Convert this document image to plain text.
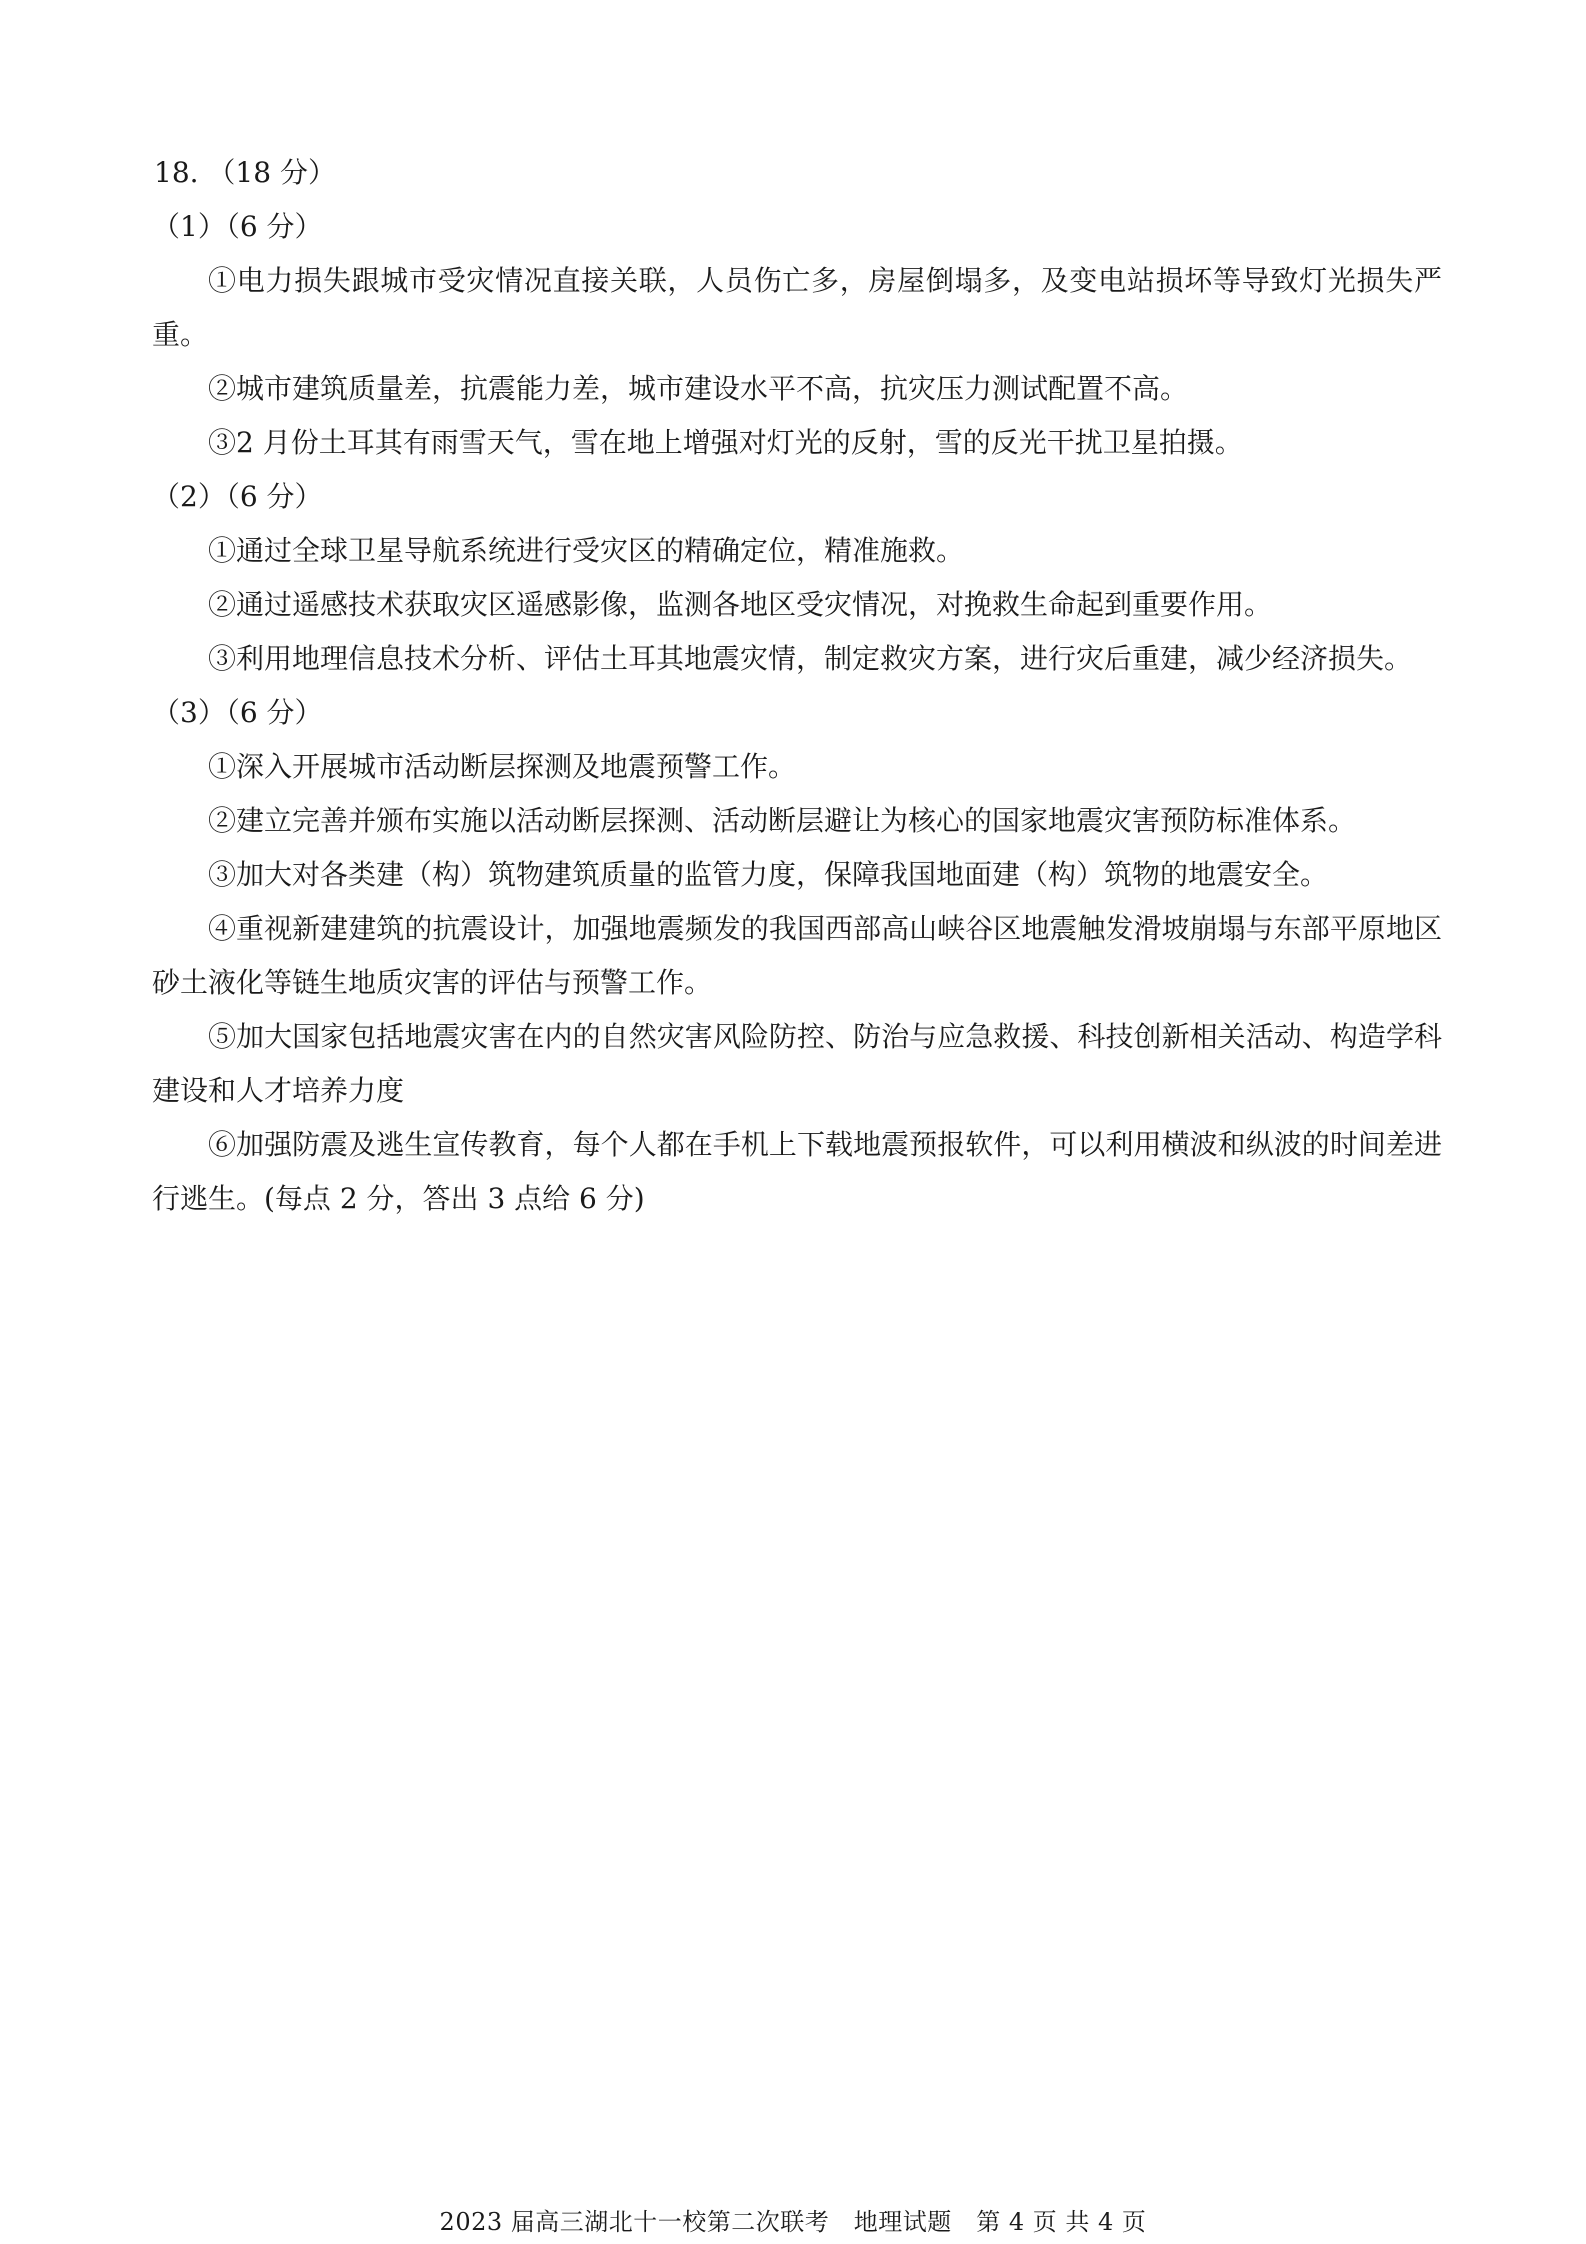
18. （18 分）

（1）（6 分）

①电力损失跟城市受灾情况直接关联，人员伤亡多，房屋倒塌多，及变电站损坏等导致灯光损失严重。

②城市建筑质量差，抗震能力差，城市建设水平不高，抗灾压力测试配置不高。

③2 月份土耳其有雨雪天气，雪在地上增强对灯光的反射，雪的反光干扰卫星拍摄。

（2）（6 分）

①通过全球卫星导航系统进行受灾区的精确定位，精准施救。

②通过遥感技术获取灾区遥感影像，监测各地区受灾情况，对挽救生命起到重要作用。

③利用地理信息技术分析、评估土耳其地震灾情，制定救灾方案，进行灾后重建，减少经济损失。

（3）（6 分）

①深入开展城市活动断层探测及地震预警工作。

②建立完善并颁布实施以活动断层探测、活动断层避让为核心的国家地震灾害预防标准体系。

③加大对各类建（构）筑物建筑质量的监管力度，保障我国地面建（构）筑物的地震安全。

④重视新建建筑的抗震设计，加强地震频发的我国西部高山峡谷区地震触发滑坡崩塌与东部平原地区砂土液化等链生地质灾害的评估与预警工作。

⑤加大国家包括地震灾害在内的自然灾害风险防控、防治与应急救援、科技创新相关活动、构造学科建设和人才培养力度

⑥加强防震及逃生宣传教育，每个人都在手机上下载地震预报软件，可以利用横波和纵波的时间差进行逃生。(每点 2 分，答出 3 点给 6 分)

2023 届高三湖北十一校第二次联考　地理试题　第 4 页 共 4 页
